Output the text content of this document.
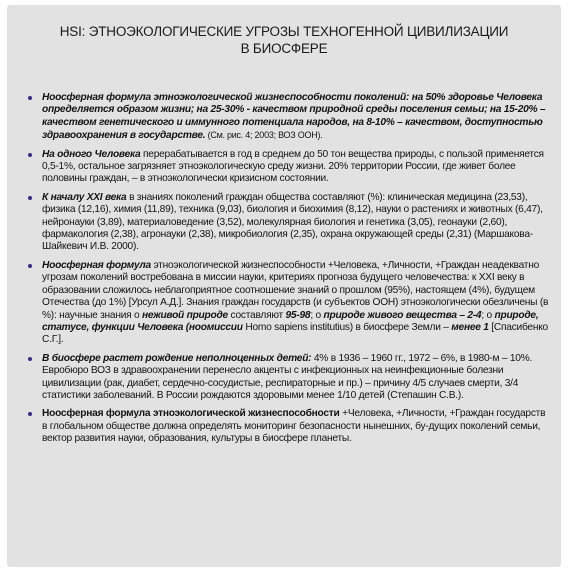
HSI: ЭТНОЭКОЛОГИЧЕСКИЕ УГРОЗЫ ТЕХНОГЕННОЙ ЦИВИЛИЗАЦИИ
В БИОСФЕРЕ
Ноосферная формула этноэкологической жизнеспособности поколений: на 50% здоровье Человека определяется образом жизни; на 25-30% - качеством природной среды поселения семьи; на 15-20% – качеством генетического и иммунного потенциала народов, на 8-10% – качеством, доступностью здравоохранения в государстве. (См. рис. 4; 2003; ВОЗ ООН).
На одного Человека перерабатывается в год в среднем до 50 тон вещества природы, с пользой применяется 0,5-1%, остальное загрязняет этноэкологическую среду жизни. 20% территории России, где живет более половины граждан, – в этноэкологически кризисном состоянии.
К началу XXI века в знаниях поколений граждан общества составляют (%): клиническая медицина (23,53), физика (12,16), химия (11,89), техника (9,03), биология и биохимия (8,12), науки о растениях и животных (6,47), нейронауки (3,89), материаловедение (3,52), молекулярная биология и генетика (3,05), геонауки (2,60), фармакология (2,38), агронауки (2,38), микробиология (2,35), охрана окружающей среды (2,31) (Маршакова-Шайкевич И.В. 2000).
Ноосферная формула этноэкологической жизнеспособности +Человека, +Личности, +Граждан неадекватно угрозам поколений востребована в миссии науки, критериях прогноза будущего человечества: к XXI веку в образовании сложилось неблагоприятное соотношение знаний о прошлом (95%), настоящем (4%), будущем Отечества (до 1%) [Урсул А.Д.]. Знания граждан государств (и субъектов ООН) этноэкологически обезличены (в %): научные знания о неживой природе составляют 95-98; о природе живого вещества – 2-4; о природе, статусе, функции Человека (ноомиссии Homo sapiens institutius) в биосфере Земли – менее 1 [Спасибенко С.Г.].
В биосфере растет рождение неполноценных детей: 4% в 1936 – 1960 гг., 1972 – 6%, в 1980-м – 10%. Евробюро ВОЗ в здравоохранении перенесло акценты с инфекционных на неинфекционные болезни цивилизации (рак, диабет, сердечно-сосудистые, респираторные и пр.) – причину 4/5 случаев смерти, 3/4 статистики заболеваний. В России рождаются здоровыми менее 1/10 детей (Степашин С.В.).
Ноосферная формула этноэкологической жизнеспособности +Человека, +Личности, +Граждан государств в глобальном обществе должна определять мониторинг безопасности нынешних, бу-дущих поколений семьи, вектор развития науки, образования, культуры в биосфере планеты.
